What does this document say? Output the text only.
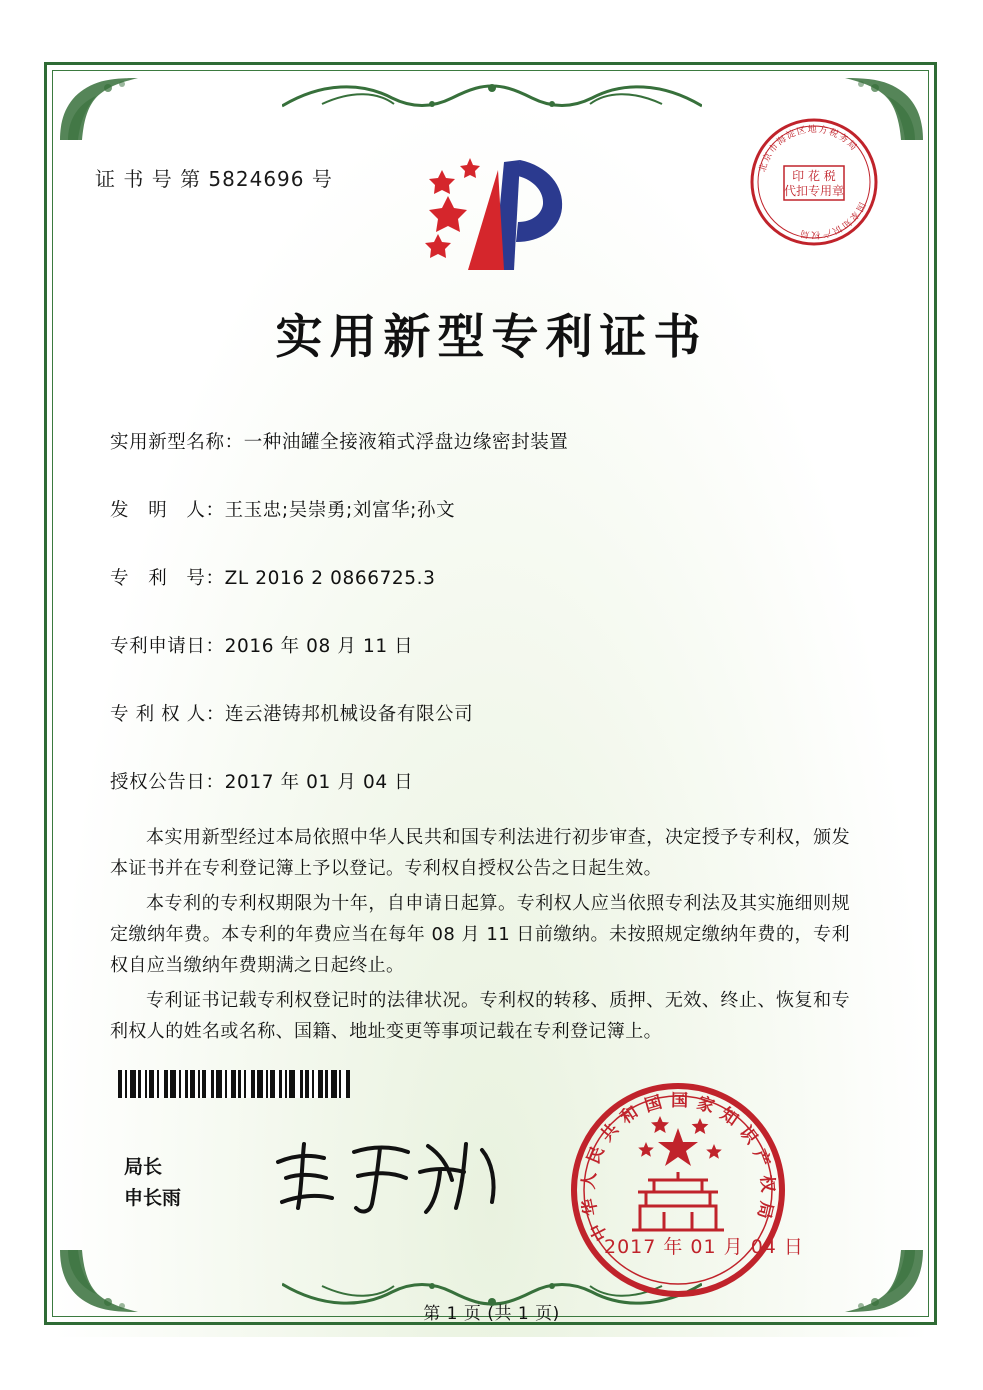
证 书 号 第 5824696 号	印 花 税
代扣专用章
北
京
市
海
淀
区 地 方 税
务
局
国
家
知
识
产
权
局
实用新型专利证书
实用新型名称：一种油罐全接液箱式浮盘边缘密封装置
发　明　人：王玉忠;吴崇勇;刘富华;孙文
专　利　号：ZL 2016 2 0866725.3
专利申请日：2016 年 08 月 11 日
专 利 权 人：连云港铸邦机械设备有限公司
授权公告日：2017 年 01 月 04 日

本实用新型经过本局依照中华人民共和国专利法进行初步审查，决定授予专利权，颁发本证书并在专利登记簿上予以登记。专利权自授权公告之日起生效。

本专利的专利权期限为十年，自申请日起算。专利权人应当依照专利法及其实施细则规定缴纳年费。本专利的年费应当在每年 08 月 11 日前缴纳。未按照规定缴纳年费的，专利权自应当缴纳年费期满之日起终止。

专利证书记载专利权登记时的法律状况。专利权的转移、质押、无效、终止、恢复和专利权人的姓名或名称、国籍、地址变更等事项记载在专利登记簿上。

局长
申长雨
中
华
人
民
共
和 国 国 家 知
识
产
权
局
2017 年 01 月 04 日
第 1 页 (共 1 页)
